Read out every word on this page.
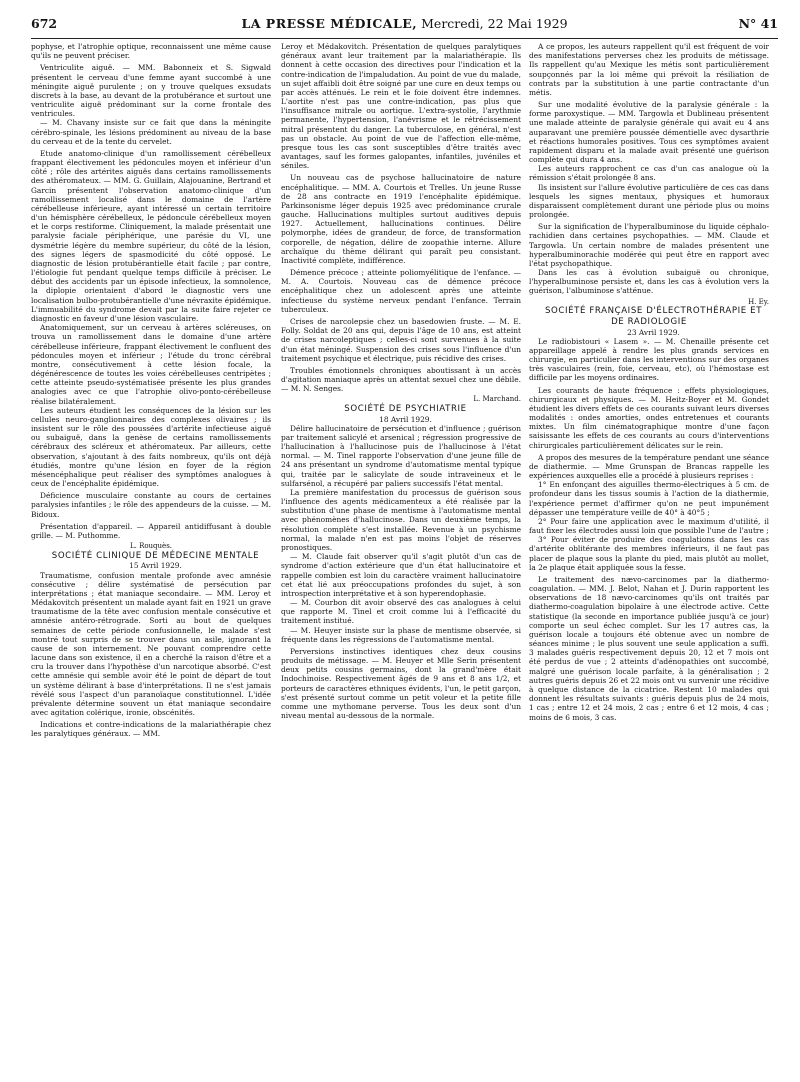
672	LA PRESSE MÉDICALE, Mercredi, 22 Mai 1929	N° 41

pophyse, et l'atrophie optique, reconnaissent une même cause qu'ils ne peuvent préciser.

Ventriculite aiguë. — MM. Babonneix et S. Sigwald présentent le cerveau d'une femme ayant succombé à une méningite aiguë purulente ; on y trouve quelques exsudats discrets à la base, au devant de la protubérance et surtout une ventriculite aiguë prédominant sur la corne frontale des ventricules.

— M. Chavany insiste sur ce fait que dans la méningite cérébro-spinale, les lésions prédominent au niveau de la base du cerveau et de la tente du cervelet.

Etude anatomo-clinique d'un ramollissement cérébelleux frappant électivement les pédoncules moyen et inférieur d'un côté ; rôle des artérites aiguës dans certains ramollissements des athéromateux. — MM. G. Guillain, Alajouanine, Bertrand et Garcin présentent l'observation anatomo-clinique d'un ramollissement localisé dans le domaine de l'artère cérébelleuse inférieure, ayant intéressé un certain territoire d'un hémisphère cérébelleux, le pédoncule cérébelleux moyen et le corps restiforme. Cliniquement, la malade présentait une paralysie faciale périphérique, une parésie du VI, une dysmétrie légère du membre supérieur, du côté de la lésion, des signes légers de spasmodicité du côté opposé. Le diagnostic de lésion protubérantielle était facile ; par contre, l'étiologie fut pendant quelque temps difficile à préciser. Le début des accidents par un épisode infectieux, la somnolence, la diplopie orientaient d'abord le diagnostic vers une localisation bulbo-protubérantielle d'une névraxite épidémique. L'immuabilité du syndrome devait par la suite faire rejeter ce diagnostic en faveur d'une lésion vasculaire.

Anatomiquement, sur un cerveau à artères scléreuses, on trouva un ramollissement dans le domaine d'une artère cérébelleuse inférieure, frappant électivement le confluent des pédoncules moyen et inférieur ; l'étude du tronc cérébral montre, consécutivement à cette lésion focale, la dégénérescence de toutes les voies cérébelleuses centripètes ; cette atteinte pseudo-systématisée présente les plus grandes analogies avec ce que l'atrophie olivo-ponto-cérébelleuse réalise bilatéralement.

Les auteurs étudient les conséquences de la lésion sur les cellules neuro-ganglionnaires des complexes olivaires ; ils insistent sur le rôle des poussées d'artérite infectieuse aiguë ou subaiguë, dans la genèse de certains ramollissements cérébraux des scléreux et athéromateux. Par ailleurs, cette observation, s'ajoutant à des faits nombreux, qu'ils ont déjà étudiés, montre qu'une lésion en foyer de la région mésencéphalique peut réaliser des symptômes analogues à ceux de l'encéphalite épidémique.

Déficience musculaire constante au cours de certaines paralysies infantiles ; le rôle des appendeurs de la cuisse. — M. Bidoux.

Présentation d'appareil. — Appareil antidiffusant à double grille. — M. Puthomme.

L. Rouquès.

SOCIÉTÉ CLINIQUE DE MÉDECINE MENTALE

15 Avril 1929.

Traumatisme, confusion mentale profonde avec amnésie consécutive ; délire systématisé de persécution par interprétations ; état maniaque secondaire. — MM. Leroy et Médakovitch présentent un malade ayant fait en 1921 un grave traumatisme de la tête avec confusion mentale consécutive et amnésie antéro-rétrograde. Sorti au bout de quelques semaines de cette période confusionnelle, le malade s'est montré tout surpris de se trouver dans un asile, ignorant la cause de son internement. Ne pouvant comprendre cette lacune dans son existence, il en a cherché la raison d'être et a cru la trouver dans l'hypothèse d'un narcotique absorbé. C'est cette amnésie qui semble avoir été le point de départ de tout un système délirant à base d'interprétations. Il ne s'est jamais révélé sous l'aspect d'un paranoïaque constitutionnel. L'idée prévalente détermine souvent un état maniaque secondaire avec agitation colérique, ironie, obscénités.

Indications et contre-indications de la malariathérapie chez les paralytiques généraux. — MM.

Leroy et Médakovitch. Présentation de quelques paralytiques généraux avant leur traitement par la malariathérapie. Ils donnent à cette occasion des directives pour l'indication et la contre-indication de l'impaludation. Au point de vue du malade, un sujet affaibli doit être soigné par une cure en deux temps ou par accès atténués. Le rein et le foie doivent être indemnes. L'aortite n'est pas une contre-indication, pas plus que l'insuffisance mitrale ou aortique. L'extra-systolie, l'arythmie permanente, l'hypertension, l'anévrisme et le rétrécissement mitral présentent du danger. La tuberculose, en général, n'est pas un obstacle. Au point de vue de l'affection elle-même, presque tous les cas sont susceptibles d'être traités avec avantages, sauf les formes galopantes, infantiles, juvéniles et séniles.

Un nouveau cas de psychose hallucinatoire de nature encéphalitique. — MM. A. Courtois et Trelles. Un jeune Russe de 28 ans contracte en 1919 l'encéphalite épidémique. Parkinsonisme léger depuis 1925 avec prédominance crurale gauche. Hallucinations multiples surtout auditives depuis 1927. Actuellement, hallucinations continues. Délire polymorphe, idées de grandeur, de force, de transformation corporelle, de négation, délire de zoopathie interne. Allure archaïque du thème délirant qui paraît peu consistant. Inactivité complète, indifférence.

Démence précoce ; atteinte poliomyélitique de l'enfance. — M. A. Courtois. Nouveau cas de démence précoce encéphalitique chez un adolescent après une atteinte infectieuse du système nerveux pendant l'enfance. Terrain tuberculeux.

Crises de narcolepsie chez un basedowien fruste. — M. E. Folly. Soldat de 20 ans qui, depuis l'âge de 10 ans, est atteint de crises narcoleptiques ; celles-ci sont survenues à la suite d'un état méningé. Suspension des crises sous l'influence d'un traitement psychique et électrique, puis récidive des crises.

Troubles émotionnels chroniques aboutissant à un accès d'agitation maniaque après un attentat sexuel chez une débile. — M. N. Senges.

L. Marchand.

SOCIÉTÉ DE PSYCHIATRIE

18 Avril 1929.

Délire hallucinatoire de persécution et d'influence ; guérison par traitement salicylé et arsenical ; régression progressive de l'hallucination à l'hallucinose puis de l'hallucinose à l'état normal. — M. Tinel rapporte l'observation d'une jeune fille de 24 ans présentant un syndrome d'automatisme mental typique qui, traitée par le salicylate de soude intraveineux et le sulfarsénol, a récupéré par paliers successifs l'état mental.

La première manifestation du processus de guérison sous l'influence des agents médicamenteux a été réalisée par la substitution d'une phase de mentisme à l'automatisme mental avec phénomènes d'hallucinose. Dans un deuxième temps, la résolution complète s'est installée. Revenue à un psychisme normal, la malade n'en est pas moins l'objet de réserves pronostiques.

— M. Claude fait observer qu'il s'agit plutôt d'un cas de syndrome d'action extérieure que d'un état hallucinatoire et rappelle combien est loin du caractère vraiment hallucinatoire cet état lié aux préoccupations profondes du sujet, à son introspection interprétative et à son hyperendophasie.

— M. Courbon dit avoir observé des cas analogues à celui que rapporte M. Tinel et croit comme lui à l'efficacité du traitement institué.

— M. Heuyer insiste sur la phase de mentisme observée, si fréquente dans les régressions de l'automatisme mental.

Perversions instinctives identiques chez deux cousins produits de métissage. — M. Heuyer et Mlle Serin présentent deux petits cousins germains, dont la grand'mère était Indochinoise. Respectivement âgés de 9 ans et 8 ans 1/2, et porteurs de caractères ethniques évidents, l'un, le petit garçon, s'est présenté surtout comme un petit voleur et la petite fille comme une mythomane perverse. Tous les deux sont d'un niveau mental au-dessous de la normale.

A ce propos, les auteurs rappellent qu'il est fréquent de voir des manifestations perverses chez les produits de métissage. Ils rappellent qu'au Mexique les métis sont particulièrement soupçonnés par la loi même qui prévoit la résiliation de contrats par la substitution à une partie contractante d'un métis.

Sur une modalité évolutive de la paralysie générale : la forme paroxystique. — MM. Targowla et Dublineau présentent une malade atteinte de paralysie générale qui avait eu 4 ans auparavant une première poussée démentielle avec dysarthrie et réactions humorales positives. Tous ces symptômes avaient rapidement disparu et la malade avait présenté une guérison complète qui dura 4 ans.

Les auteurs rapprochent ce cas d'un cas analogue où la rémission s'était prolongée 8 ans.

Ils insistent sur l'allure évolutive particulière de ces cas dans lesquels les signes mentaux, physiques et humoraux disparaissent complètement durant une période plus ou moins prolongée.

Sur la signification de l'hyperalbuminose du liquide céphalo-rachidien dans certaines psychopathies. — MM. Claude et Targowla. Un certain nombre de malades présentent une hyperalbuminorachie modérée qui peut être en rapport avec l'état psychopathique.

Dans les cas à évolution subaiguë ou chronique, l'hyperalbuminose persiste et, dans les cas à évolution vers la guérison, l'albuminose s'atténue.

H. Ey.

SOCIÉTÉ FRANÇAISE D'ÉLECTROTHÉRAPIE ET DE RADIOLOGIE

23 Avril 1929.

Le radiobistouri « Lasem ». — M. Chenaille présente cet appareillage appelé à rendre les plus grands services en chirurgie, en particulier dans les interventions sur des organes très vasculaires (rein, foie, cerveau, etc), où l'hémostase est difficile par les moyens ordinaires.

Les courants de haute fréquence : effets physiologiques, chirurgicaux et physiques. — M. Heitz-Boyer et M. Gondet étudient les divers effets de ces courants suivant leurs diverses modalités : ondes amorties, ondes entretenues et courants mixtes. Un film cinématographique montre d'une façon saisissante les effets de ces courants au cours d'interventions chirurgicales particulièrement délicates sur le rein.

A propos des mesures de la température pendant une séance de diathermie. — Mme Grunspan de Brancas rappelle les expériences auxquelles elle a procédé à plusieurs reprises :

1° En enfonçant des aiguilles thermo-électriques à 5 cm. de profondeur dans les tissus soumis à l'action de la diathermie, l'expérience permet d'affirmer qu'on ne peut impunément dépasser une température veille de 40° à 40°5 ;

2° Pour faire une application avec le maximum d'utilité, il faut fixer les électrodes aussi loin que possible l'une de l'autre ;

3° Pour éviter de produire des coagulations dans les cas d'artérite oblitérante des membres inférieurs, il ne faut pas placer de plaque sous la plante du pied, mais plutôt au mollet, la 2e plaque était appliquée sous la fesse.

Le traitement des nævo-carcinomes par la diathermo-coagulation. — MM. J. Belot, Nahan et J. Durin rapportent les observations de 18 nævo-carcinomes qu'ils ont traités par diathermo-coagulation bipolaire à une électrode active. Cette statistique (la seconde en importance publiée jusqu'à ce jour) comporte un seul échec complet. Sur les 17 autres cas, la guérison locale a toujours été obtenue avec un nombre de séances minime ; le plus souvent une seule application a suffi. 3 malades guéris respectivement depuis 20, 12 et 7 mois ont été perdus de vue ; 2 atteints d'adénopathies ont succombé, malgré une guérison locale parfaite, à la généralisation ; 2 autres guéris depuis 26 et 22 mois ont vu survenir une récidive à quelque distance de la cicatrice. Restent 10 malades qui donnent les résultats suivants : guéris depuis plus de 24 mois, 1 cas ; entre 12 et 24 mois, 2 cas ; entre 6 et 12 mois, 4 cas ; moins de 6 mois, 3 cas.
